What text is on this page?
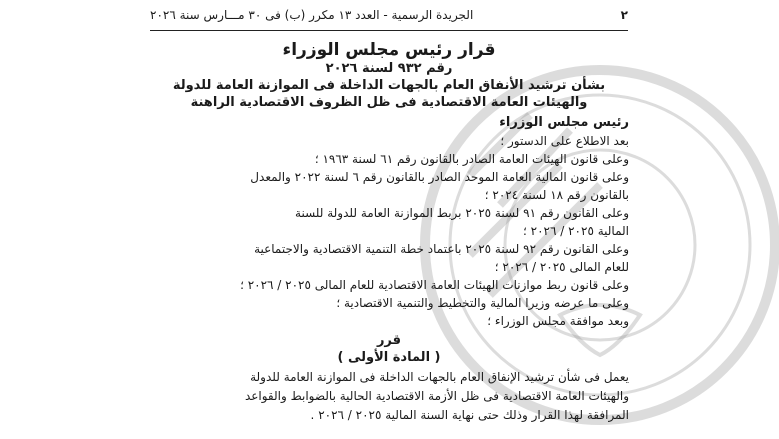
٢
الجريدة الرسمية - العدد ١٣ مكرر (ب) فى ٣٠ مـــارس سنة ٢٠٢٦
قرار رئيس مجلس الوزراء
رقم ٩٣٢ لسنة ٢٠٢٦
بشأن ترشيد الأنفاق العام بالجهات الداخلة فى الموازنة العامة للدولة
والهيئات العامة الاقتصادية فى ظل الظروف الاقتصادية الراهنة
رئيس مجلس الوزراء
بعد الاطلاع على الدستور ؛
وعلى قانون الهيئات العامة الصادر بالقانون رقم ٦١ لسنة ١٩٦٣ ؛
وعلى قانون المالية العامة الموحد الصادر بالقانون رقم ٦ لسنة ٢٠٢٢ والمعدل
بالقانون رقم ١٨ لسنة ٢٠٢٤ ؛
وعلى القانون رقم ٩١ لسنة ٢٠٢٥ بربط الموازنة العامة للدولة للسنة
المالية ٢٠٢٥ / ٢٠٢٦ ؛
وعلى القانون رقم ٩٢ لسنة ٢٠٢٥ باعتماد خطة التنمية الاقتصادية والاجتماعية
للعام المالى ٢٠٢٥ / ٢٠٢٦ ؛
وعلى قانون ربط موازنات الهيئات العامة الاقتصادية للعام المالى ٢٠٢٥ / ٢٠٢٦ ؛
وعلى ما عرضه وزيرا المالية والتخطيط والتنمية الاقتصادية ؛
وبعد موافقة مجلس الوزراء ؛
قرر
( المادة الأولى )
يعمل فى شأن ترشيد الإنفاق العام بالجهات الداخلة فى الموازنة العامة للدولة
والهيئات العامة الاقتصادية فى ظل الأزمة الاقتصادية الحالية بالضوابط والقواعد
المرافقة لهذا القرار وذلك حتى نهاية السنة المالية ٢٠٢٥ / ٢٠٢٦ .
